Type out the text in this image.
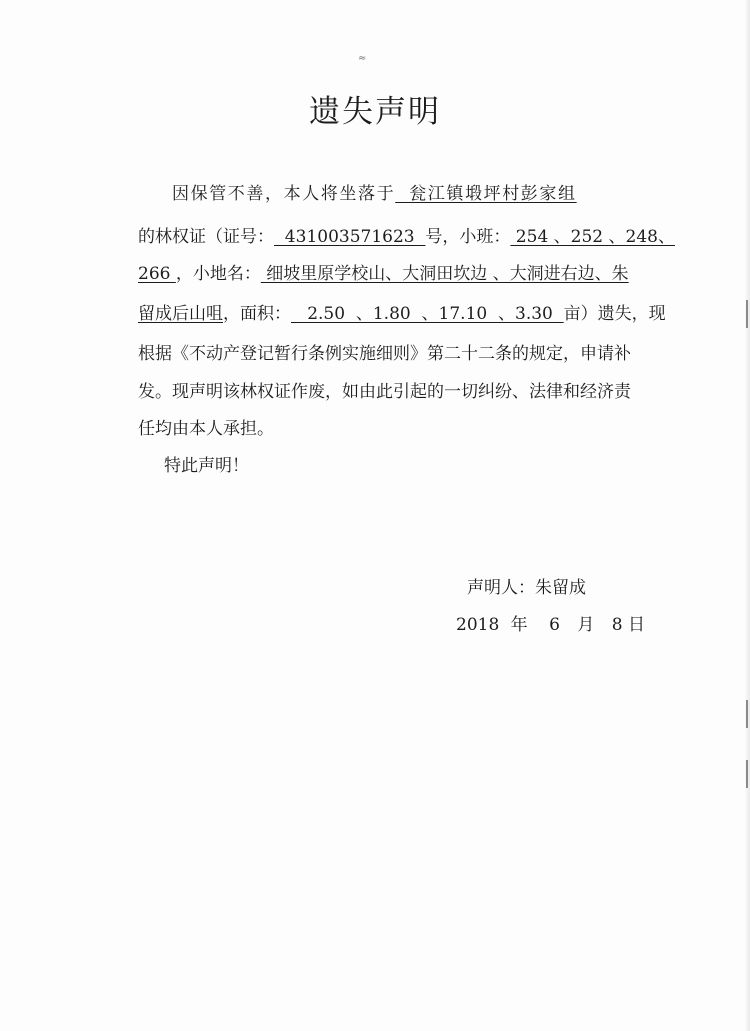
≈
遗失声明
因保管不善，本人将坐落于  瓮江镇塅坪村彭家组
的林权证（证号：  431003571623  号，小班： 254 、252 、248、
266 ，小地名： 细坡里原学校山、大洞田坎边 、大洞进右边、朱
留成后山咀，面积：   2.50  、1.80  、17.10  、3.30  亩）遗失，现
根据《不动产登记暂行条例实施细则》第二十二条的规定，申请补
发。现声明该林权证作废，如由此引起的一切纠纷、法律和经济责
任均由本人承担。
特此声明！
声明人：朱留成
2018 年 6 月 8 日
